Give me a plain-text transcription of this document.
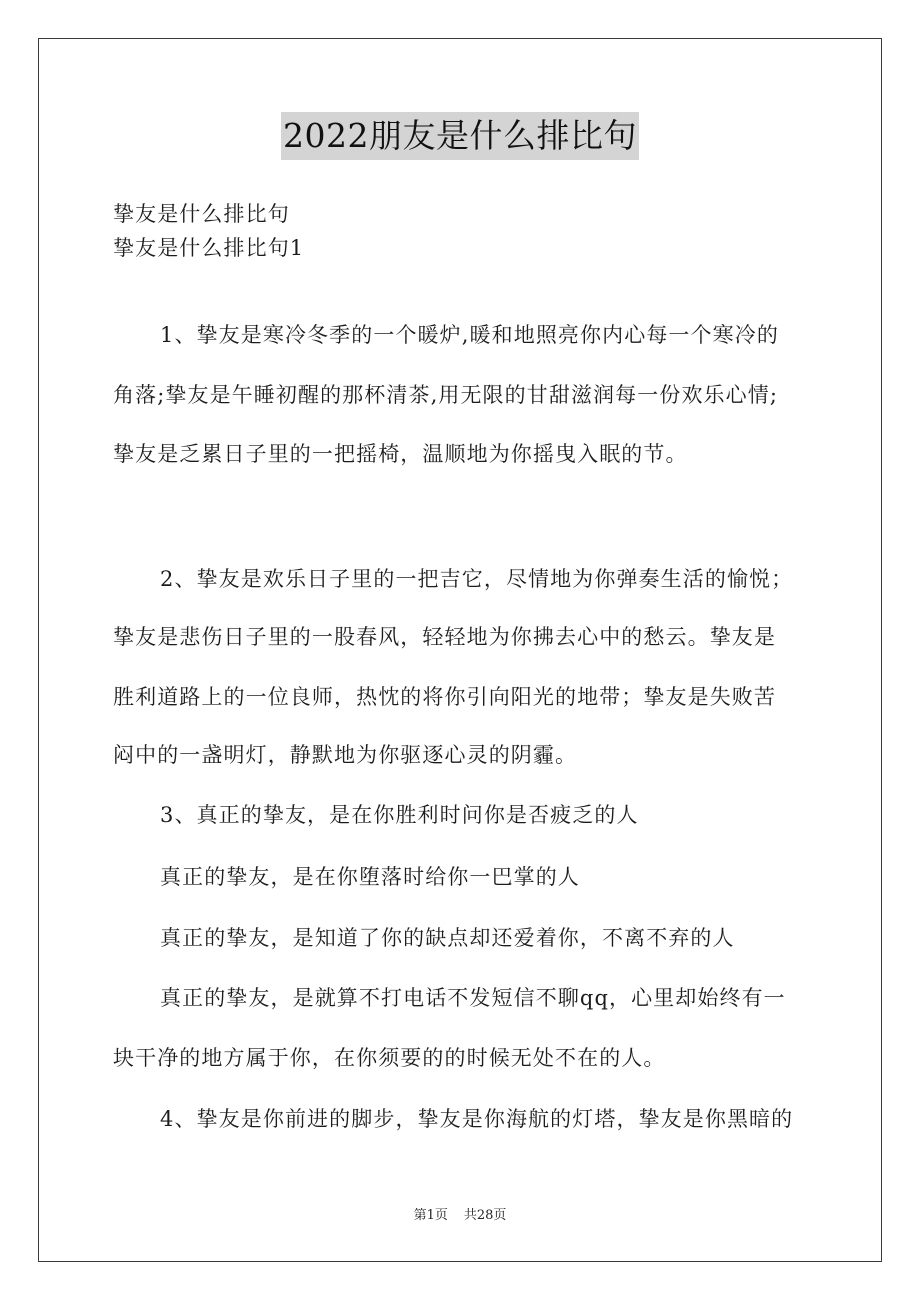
2022朋友是什么排比句
挚友是什么排比句
挚友是什么排比句1
1、挚友是寒冷冬季的一个暖炉,暖和地照亮你内心每一个寒冷的
角落;挚友是午睡初醒的那杯清茶,用无限的甘甜滋润每一份欢乐心情;
挚友是乏累日子里的一把摇椅，温顺地为你摇曳入眠的节。
2、挚友是欢乐日子里的一把吉它，尽情地为你弹奏生活的愉悦；
挚友是悲伤日子里的一股春风，轻轻地为你拂去心中的愁云。挚友是
胜利道路上的一位良师，热忱的将你引向阳光的地带；挚友是失败苦
闷中的一盏明灯，静默地为你驱逐心灵的阴霾。
3、真正的挚友，是在你胜利时问你是否疲乏的人
真正的挚友，是在你堕落时给你一巴掌的人
真正的挚友，是知道了你的缺点却还爱着你，不离不弃的人
真正的挚友，是就算不打电话不发短信不聊qq，心里却始终有一
块干净的地方属于你，在你须要的的时候无处不在的人。
4、挚友是你前进的脚步，挚友是你海航的灯塔，挚友是你黑暗的
第1页 共28页
